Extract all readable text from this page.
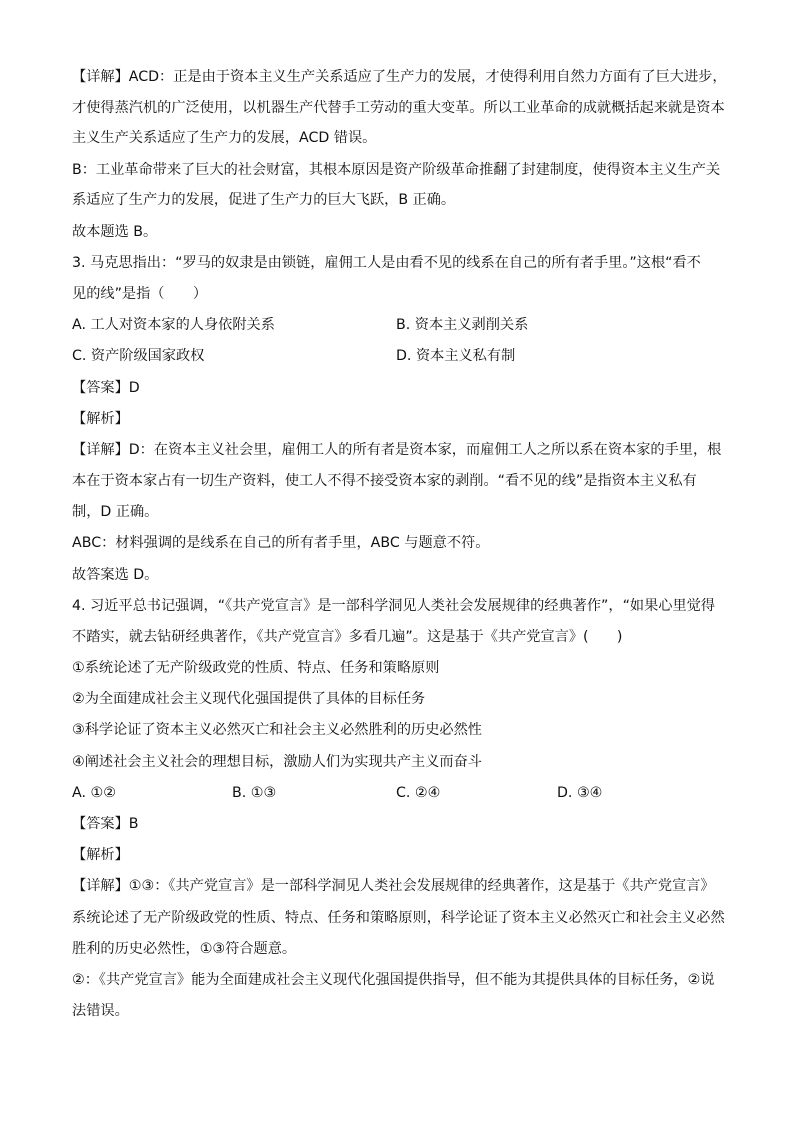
【详解】ACD：正是由于资本主义生产关系适应了生产力的发展，才使得利用自然力方面有了巨大进步，
才使得蒸汽机的广泛使用，以机器生产代替手工劳动的重大变革。所以工业革命的成就概括起来就是资本
主义生产关系适应了生产力的发展，ACD 错误。
B：工业革命带来了巨大的社会财富，其根本原因是资产阶级革命推翻了封建制度，使得资本主义生产关
系适应了生产力的发展，促进了生产力的巨大飞跃，B 正确。
故本题选 B。
3. 马克思指出：“罗马的奴隶是由锁链，雇佣工人是由看不见的线系在自己的所有者手里。”这根“看不
见的线”是指（　　）
A. 工人对资本家的人身依附关系	B. 资本主义剥削关系
C. 资产阶级国家政权	D. 资本主义私有制
【答案】D
【解析】
【详解】D：在资本主义社会里，雇佣工人的所有者是资本家，而雇佣工人之所以系在资本家的手里，根
本在于资本家占有一切生产资料，使工人不得不接受资本家的剥削。“看不见的线”是指资本主义私有
制，D 正确。
ABC：材料强调的是线系在自己的所有者手里，ABC 与题意不符。
故答案选 D。
4. 习近平总书记强调，“《共产党宣言》是一部科学洞见人类社会发展规律的经典著作”，“如果心里觉得
不踏实，就去钻研经典著作，《共产党宣言》多看几遍”。这是基于《共产党宣言》(　　)
①系统论述了无产阶级政党的性质、特点、任务和策略原则
②为全面建成社会主义现代化强国提供了具体的目标任务
③科学论证了资本主义必然灭亡和社会主义必然胜利的历史必然性
④阐述社会主义社会的理想目标，激励人们为实现共产主义而奋斗
A. ①②	B. ①③	C. ②④	D. ③④
【答案】B
【解析】
【详解】①③：《共产党宣言》是一部科学洞见人类社会发展规律的经典著作，这是基于《共产党宣言》
系统论述了无产阶级政党的性质、特点、任务和策略原则，科学论证了资本主义必然灭亡和社会主义必然
胜利的历史必然性，①③符合题意。
②：《共产党宣言》能为全面建成社会主义现代化强国提供指导，但不能为其提供具体的目标任务，②说
法错误。
